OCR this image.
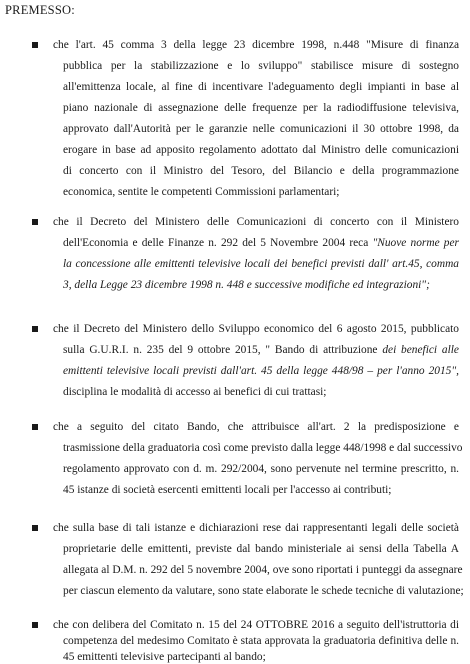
PREMESSO:
che l'art. 45 comma 3 della legge 23 dicembre 1998, n.448 "Misure di finanza
pubblica per la stabilizzazione e lo sviluppo" stabilisce misure di sostegno
all'emittenza locale, al fine di incentivare l'adeguamento degli impianti in base al
piano nazionale di assegnazione delle frequenze per la radiodiffusione televisiva,
approvato dall'Autorità per le garanzie nelle comunicazioni il 30 ottobre 1998, da
erogare in base ad apposito regolamento adottato dal Ministro delle comunicazioni
di concerto con il Ministro del Tesoro, del Bilancio e della programmazione
economica, sentite le competenti Commissioni parlamentari;
che il Decreto del Ministero delle Comunicazioni di concerto con il Ministero
dell'Economia e delle Finanze n. 292 del 5 Novembre 2004 reca "Nuove norme per
la concessione alle emittenti televisive locali dei benefici previsti dall' art.45, comma
3, della Legge 23 dicembre 1998 n. 448 e successive modifiche ed integrazioni";
che il Decreto del Ministero dello Sviluppo economico del 6 agosto 2015, pubblicato
sulla G.U.R.I. n. 235 del 9 ottobre 2015, " Bando di attribuzione dei benefici alle
emittenti televisive locali previsti dall'art. 45 della legge 448/98 – per l'anno 2015",
disciplina le modalità di accesso ai benefici di cui trattasi;
che a seguito del citato Bando, che attribuisce all'art. 2 la predisposizione e
trasmissione della graduatoria così come previsto dalla legge 448/1998 e dal successivo
regolamento approvato con d. m. 292/2004, sono pervenute nel termine prescritto, n.
45 istanze di società esercenti emittenti locali per l'accesso ai contributi;
che sulla base di tali istanze e dichiarazioni rese dai rappresentanti legali delle società
proprietarie delle emittenti, previste dal bando ministeriale ai sensi della Tabella A
allegata al D.M. n. 292 del 5 novembre 2004, ove sono riportati i punteggi da assegnare
per ciascun elemento da valutare, sono state elaborate le schede tecniche di valutazione;
che con delibera del Comitato n. 15 del 24 OTTOBRE 2016 a seguito dell'istruttoria di
competenza del medesimo Comitato è stata approvata la graduatoria definitiva delle n.
45 emittenti televisive partecipanti al bando;
